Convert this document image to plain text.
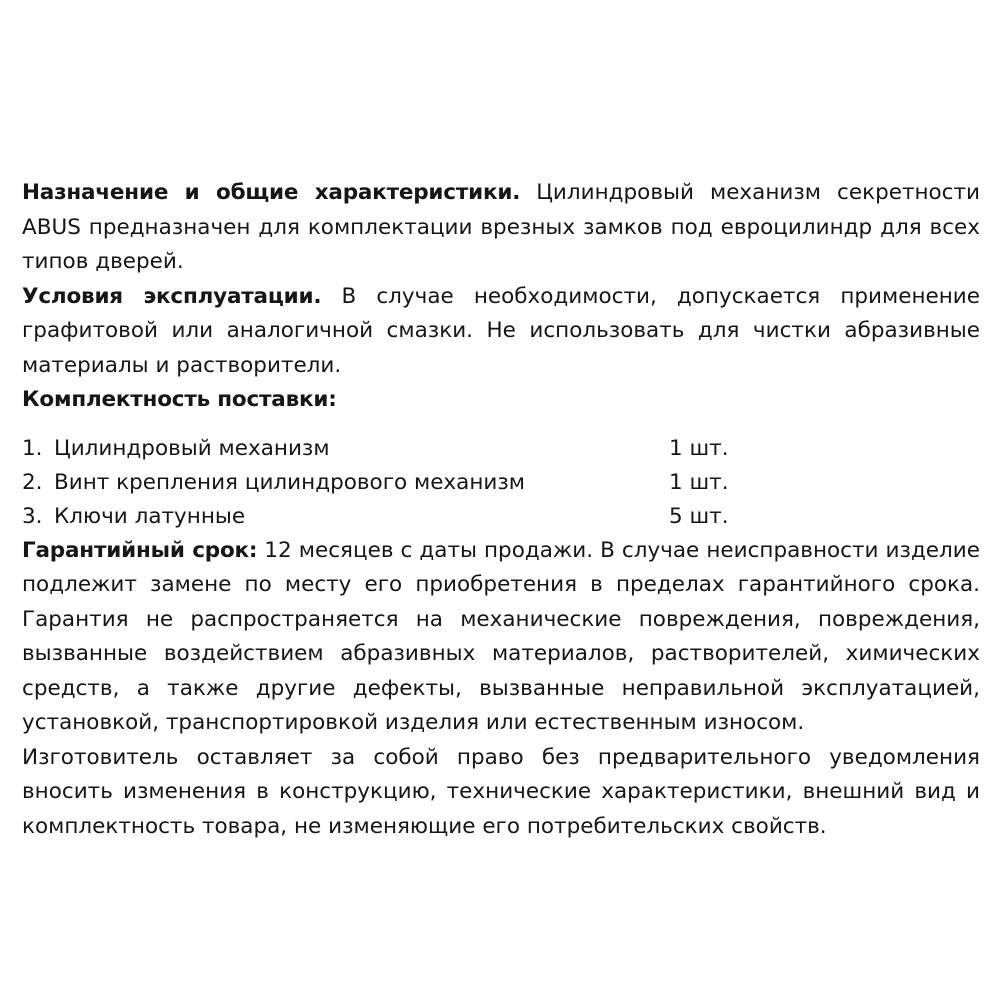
Назначение и общие характеристики. Цилиндровый механизм секретности ABUS предназначен для комплектации врезных замков под евроцилиндр для всех типов дверей.

Условия эксплуатации. В случае необходимости, допускается применение графитовой или аналогичной смазки. Не использовать для чистки абразивные материалы и растворители.

Комплектность поставки:

1. Цилиндровый механизм	1 шт.
2. Винт крепления цилиндрового механизм	1 шт.
3. Ключи латунные	5 шт.

Гарантийный срок: 12 месяцев с даты продажи. В случае неисправности изделие подлежит замене по месту его приобретения в пределах гарантийного срока. Гарантия не распространяется на механические повреждения, повреждения, вызванные воздействием абразивных материалов, растворителей, химических средств, а также другие дефекты, вызванные неправильной эксплуатацией, установкой, транспортировкой изделия или естественным износом.

Изготовитель оставляет за собой право без предварительного уведомления вносить изменения в конструкцию, технические характеристики, внешний вид и комплектность товара, не изменяющие его потребительских свойств.
